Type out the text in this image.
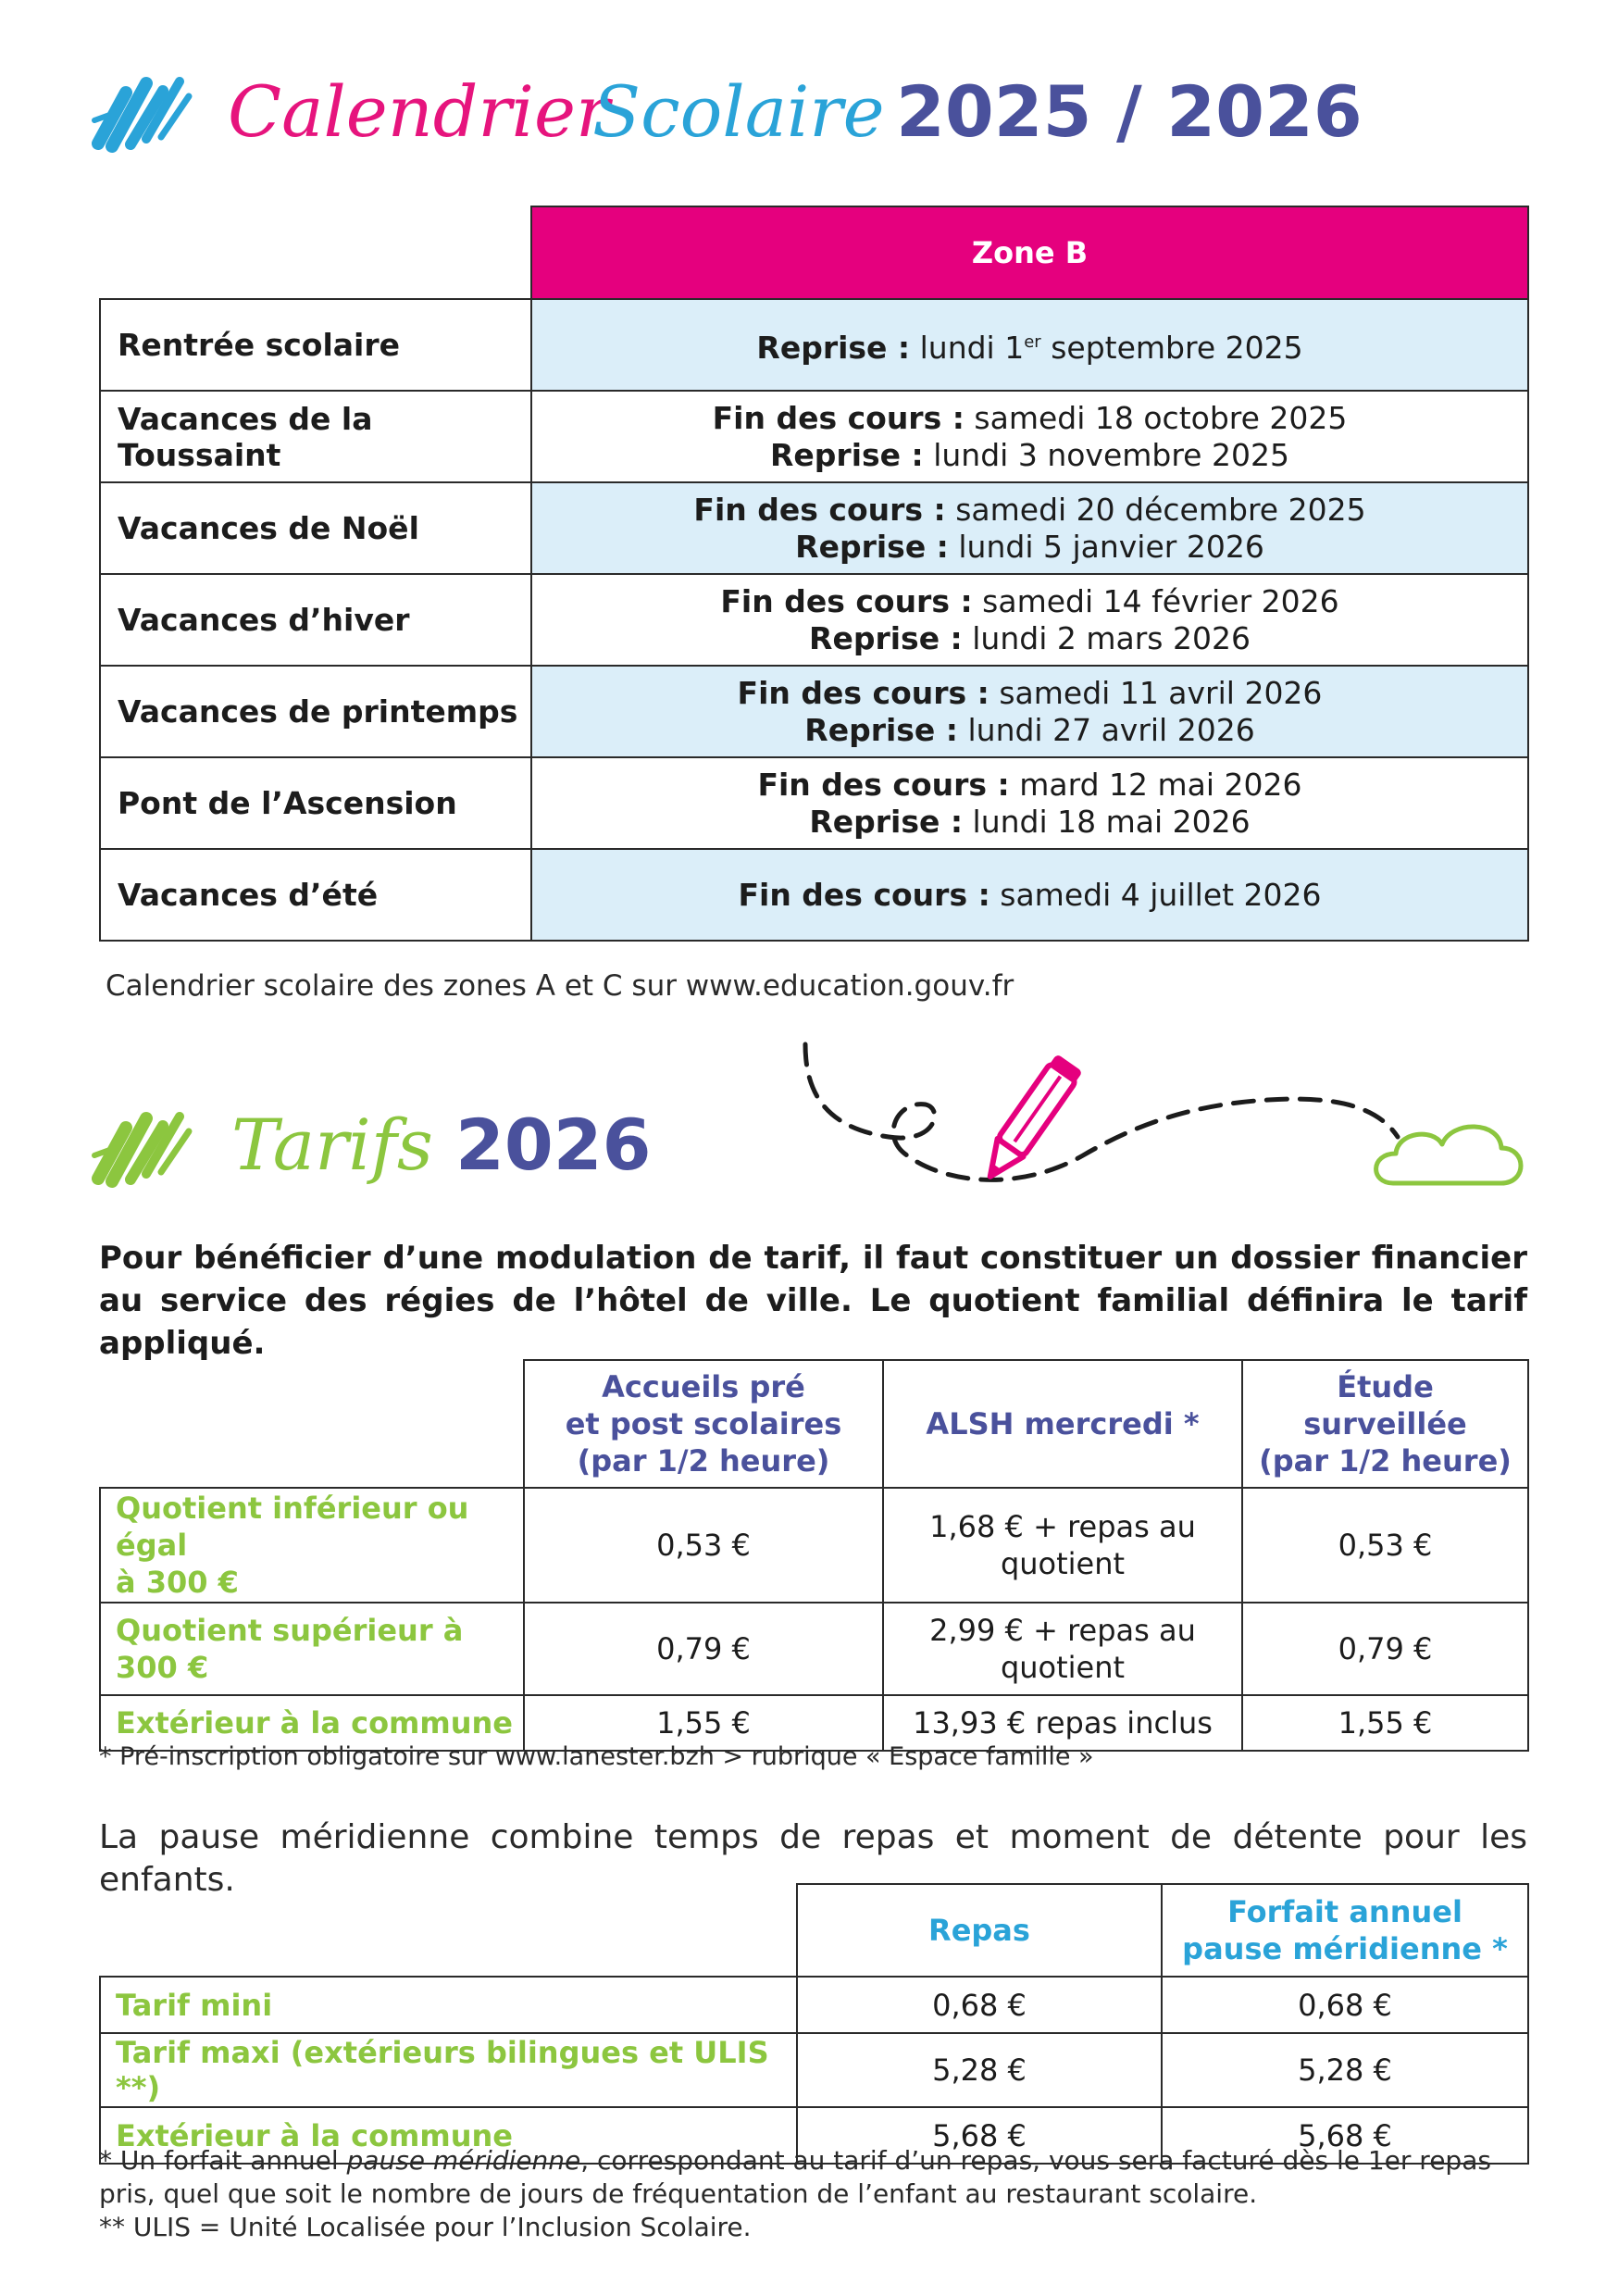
Calendrier
Scolaire 2025 / 2026
	Zone B
Rentrée scolaire	Reprise : lundi 1er septembre 2025
Vacances de la Toussaint	Fin des cours : samedi 18 octobre 2025
Reprise : lundi 3 novembre 2025
Vacances de Noël	Fin des cours : samedi 20 décembre 2025
Reprise : lundi 5 janvier 2026
Vacances d’hiver	Fin des cours : samedi 14 février 2026
Reprise : lundi 2 mars 2026
Vacances de printemps	Fin des cours : samedi 11 avril 2026
Reprise : lundi 27 avril 2026
Pont de l’Ascension	Fin des cours : mard 12 mai 2026
Reprise : lundi 18 mai 2026
Vacances d’été	Fin des cours : samedi 4 juillet 2026
Calendrier scolaire des zones A et C sur www.education.gouv.fr
Tarifs 2026
Pour bénéficier d’une modulation de tarif, il faut constituer un dossier financier au service des régies de l’hôtel de ville. Le quotient familial définira le tarif appliqué.
	Accueils pré
et post scolaires
(par 1/2 heure)	ALSH mercredi *	Étude
surveillée
(par 1/2 heure)
Quotient inférieur ou égal
à 300 €	0,53 €	1,68 € + repas au
quotient	0,53 €
Quotient supérieur à 300 €	0,79 €	2,99 € + repas au
quotient	0,79 €
Extérieur à la commune	1,55 €	13,93 € repas inclus	1,55 €
* Pré-inscription obligatoire sur www.lanester.bzh > rubrique « Espace famille »
La pause méridienne combine temps de repas et moment de détente pour les enfants.
	Repas	Forfait annuel
pause méridienne *
Tarif mini	0,68 €	0,68 €
Tarif maxi (extérieurs bilingues et ULIS **)	5,28 €	5,28 €
Extérieur à la commune	5,68 €	5,68 €
* Un forfait annuel pause méridienne, correspondant au tarif d’un repas, vous sera facturé dès le 1er repas pris, quel que soit le nombre de jours de fréquentation de l’enfant au restaurant scolaire.
** ULIS = Unité Localisée pour l’Inclusion Scolaire.
